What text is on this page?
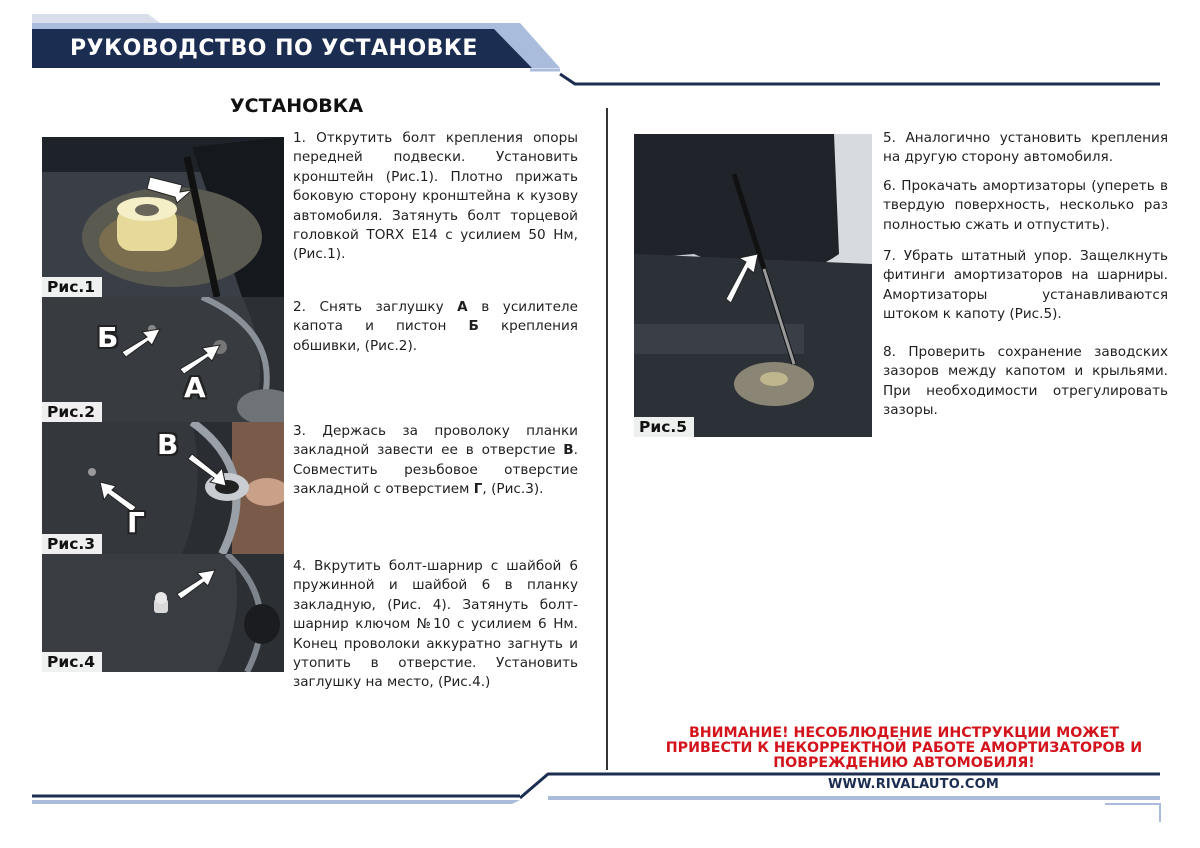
РУКОВОДСТВО ПО УСТАНОВКЕ
УСТАНОВКА
Рис.1
Б
А
Рис.2
В
Г
Рис.3
Рис.4
Рис.5

1. Открутить болт крепления опоры передней подвески. Установить кронштейн (Рис.1). Плотно прижать боковую сторону кронштейна к кузову автомобиля. Затянуть болт торцевой головкой TORX E14 с усилием 50 Нм, (Рис.1).

2. Снять заглушку А в усилителе капота и пистон Б крепления обшивки, (Рис.2).

3. Держась за проволоку планки закладной завести ее в отверстие В. Совместить резьбовое отверстие закладной с отверстием Г, (Рис.3).

4. Вкрутить болт-шарнир с шайбой 6 пружинной и шайбой 6 в планку закладную, (Рис. 4). Затянуть болт-шарнир ключом №10 с усилием 6 Нм. Конец проволоки аккуратно загнуть и утопить в отверстие. Установить заглушку на место, (Рис.4.)

5. Аналогично установить крепления на другую сторону автомобиля.

6. Прокачать амортизаторы (упереть в твердую поверхность, несколько раз полностью сжать и отпустить).

7. Убрать штатный упор. Защелкнуть фитинги амортизаторов на шарниры. Амортизаторы устанавливаются штоком к капоту (Рис.5).

8. Проверить сохранение заводских зазоров между капотом и крыльями. При необходимости отрегулировать зазоры.

ВНИМАНИЕ! НЕСОБЛЮДЕНИЕ ИНСТРУКЦИИ МОЖЕТ ПРИВЕСТИ К НЕКОРРЕКТНОЙ РАБОТЕ АМОРТИЗАТОРОВ И ПОВРЕЖДЕНИЮ АВТОМОБИЛЯ!
WWW.RIVALAUTO.COM
